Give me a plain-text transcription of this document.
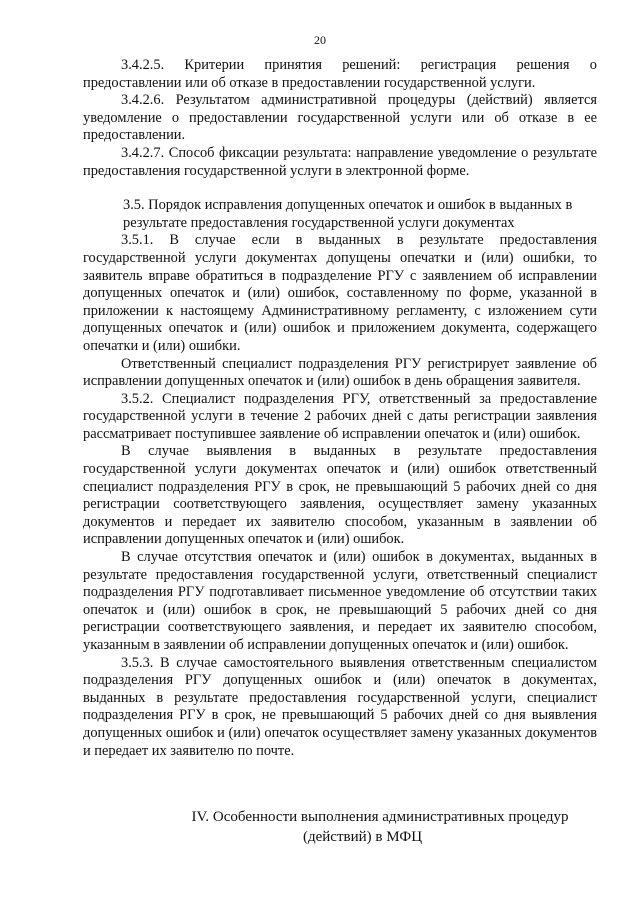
20

3.4.2.5. Критерии принятия решений: регистрация решения о предоставлении или об отказе в предоставлении государственной услуги.

3.4.2.6. Результатом административной процедуры (действий) является уведомление о предоставлении государственной услуги или об отказе в ее предоставлении.

3.4.2.7. Способ фиксации результата: направление уведомление о результате предоставления государственной услуги в электронной форме.

3.5. Порядок исправления допущенных опечаток и ошибок в выданных в результате предоставления государственной услуги документах

3.5.1. В случае если в выданных в результате предоставления государственной услуги документах допущены опечатки и (или) ошибки, то заявитель вправе обратиться в подразделение РГУ с заявлением об исправлении допущенных опечаток и (или) ошибок, составленному по форме, указанной в приложении к настоящему Административному регламенту, с изложением сути допущенных опечаток и (или) ошибок и приложением документа, содержащего опечатки и (или) ошибки.

Ответственный специалист подразделения РГУ регистрирует заявление об исправлении допущенных опечаток и (или) ошибок в день обращения заявителя.

3.5.2. Специалист подразделения РГУ, ответственный за предоставление государственной услуги в течение 2 рабочих дней с даты регистрации заявления рассматривает поступившее заявление об исправлении опечаток и (или) ошибок.

В случае выявления в выданных в результате предоставления государственной услуги документах опечаток и (или) ошибок ответственный специалист подразделения РГУ в срок, не превышающий 5 рабочих дней со дня регистрации соответствующего заявления, осуществляет замену указанных документов и передает их заявителю способом, указанным в заявлении об исправлении допущенных опечаток и (или) ошибок.

В случае отсутствия опечаток и (или) ошибок в документах, выданных в результате предоставления государственной услуги, ответственный специалист подразделения РГУ подготавливает письменное уведомление об отсутствии таких опечаток и (или) ошибок в срок, не превышающий 5 рабочих дней со дня регистрации соответствующего заявления, и передает их заявителю способом, указанным в заявлении об исправлении допущенных опечаток и (или) ошибок.

3.5.3. В случае самостоятельного выявления ответственным специалистом подразделения РГУ допущенных ошибок и (или) опечаток в документах, выданных в результате предоставления государственной услуги, специалист подразделения РГУ в срок, не превышающий 5 рабочих дней со дня выявления допущенных ошибок и (или) опечаток осуществляет замену указанных документов и передает их заявителю по почте.

IV. Особенности выполнения административных процедур
(действий) в МФЦ
